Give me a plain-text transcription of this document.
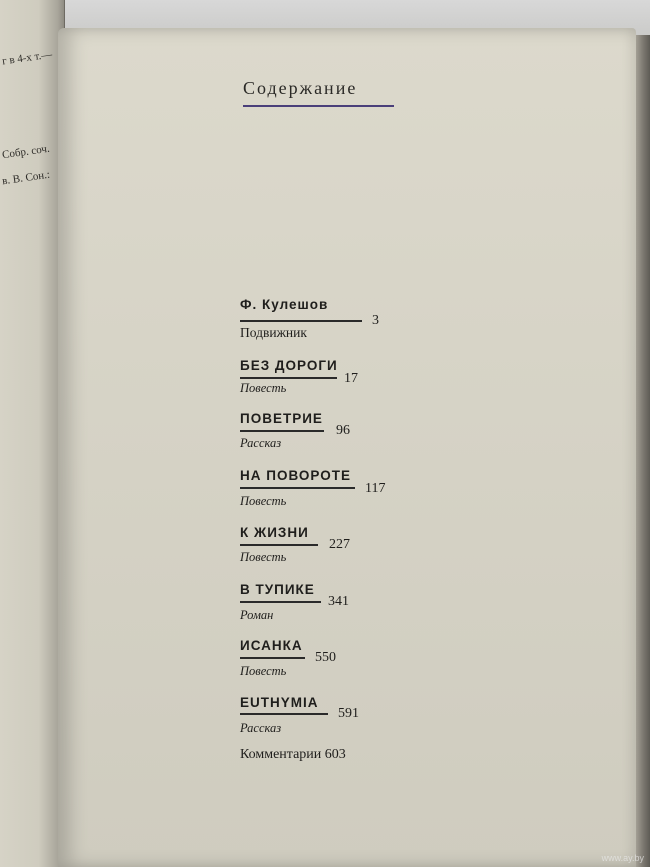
г в 4-х т.—
Собр. соч.
в. В. Сон.:
Содержание
Ф. Кулешов
Подвижник
3
БЕЗ ДОРОГИ
Повесть
17
ПОВЕТРИЕ
Рассказ
96
НА ПОВОРОТЕ
Повесть
117
К ЖИЗНИ
Повесть
227
В ТУПИКЕ
Роман
341
ИСАНКА
Повесть
550
EUTHYMIA
Рассказ
591
Комментарии 603
www.ay.by
